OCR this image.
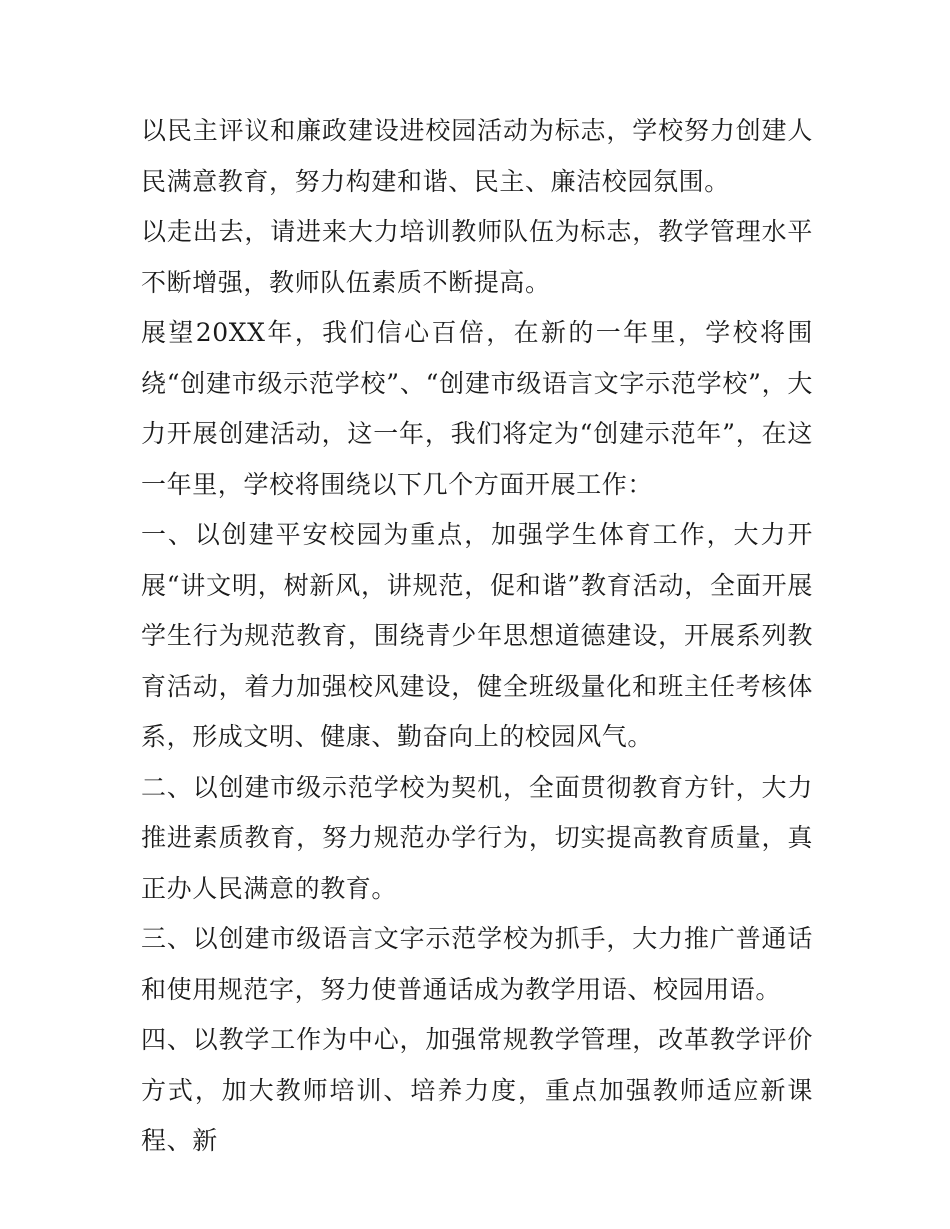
以民主评议和廉政建设进校园活动为标志，学校努力创建人民满意教育，努力构建和谐、民主、廉洁校园氛围。

以走出去，请进来大力培训教师队伍为标志，教学管理水平不断增强，教师队伍素质不断提高。

展望20XX年，我们信心百倍，在新的一年里，学校将围绕“创建市级示范学校”、“创建市级语言文字示范学校”，大力开展创建活动，这一年，我们将定为“创建示范年”，在这一年里，学校将围绕以下几个方面开展工作：

一、以创建平安校园为重点，加强学生体育工作，大力开展“讲文明，树新风，讲规范，促和谐”教育活动，全面开展学生行为规范教育，围绕青少年思想道德建设，开展系列教育活动，着力加强校风建设，健全班级量化和班主任考核体系，形成文明、健康、勤奋向上的校园风气。

二、以创建市级示范学校为契机，全面贯彻教育方针，大力推进素质教育，努力规范办学行为，切实提高教育质量，真正办人民满意的教育。

三、以创建市级语言文字示范学校为抓手，大力推广普通话和使用规范字，努力使普通话成为教学用语、校园用语。

四、以教学工作为中心，加强常规教学管理，改革教学评价方式，加大教师培训、培养力度，重点加强教师适应新课程、新
